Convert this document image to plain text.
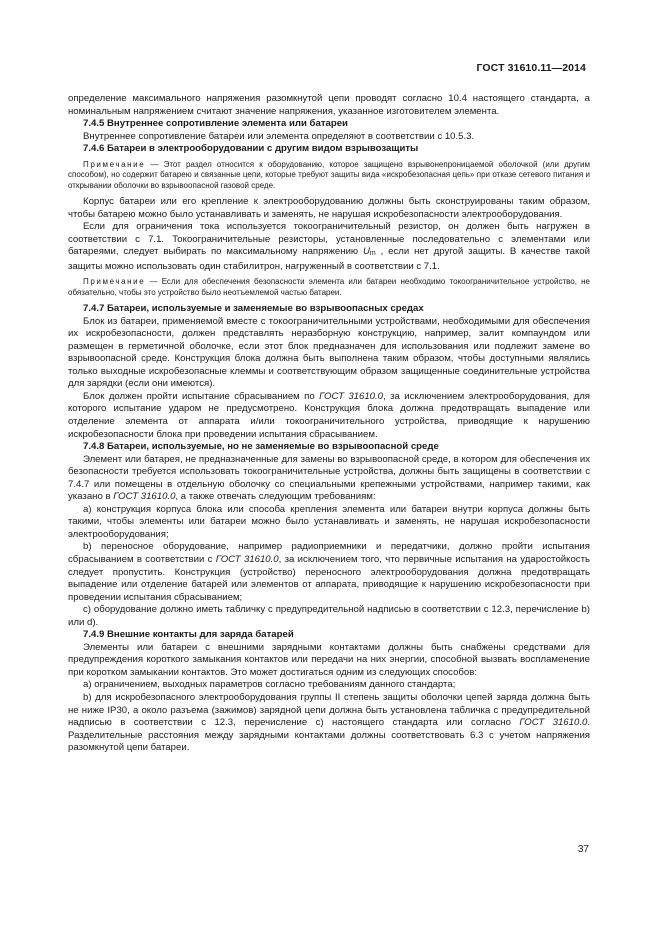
ГОСТ 31610.11—2014

определение максимального напряжения разомкнутой цепи проводят согласно 10.4 настоящего стандарта, а номинальным напряжением считают значение напряжения, указанное изготовителем элемента.

7.4.5 Внутреннее сопротивление элемента или батареи

Внутреннее сопротивление батареи или элемента определяют в соответствии с 10.5.3.

7.4.6 Батареи в электрооборудовании с другим видом взрывозащиты

Примечание — Этот раздел относится к оборудованию, которое защищено взрывонепроницаемой оболочкой (или другим способом), но содержит батарею и связанные цепи, которые требуют защиты вида «искробезопасная цепь» при отказе сетевого питания и открывании оболочки во взрывоопасной газовой среде.

Корпус батареи или его крепление к электрооборудованию должны быть сконструированы таким образом, чтобы батарею можно было устанавливать и заменять, не нарушая искробезопасности электрооборудования.

Если для ограничения тока используется токоограничительный резистор, он должен быть нагружен в соответствии с 7.1. Токоограничительные резисторы, установленные последовательно с элементами или батареями, следует выбирать по максимальному напряжению Um , если нет другой защиты. В качестве такой защиты можно использовать один стабилитрон, нагруженный в соответствии с 7.1.

Примечание — Если для обеспечения безопасности элемента или батареи необходимо токоограничительное устройство, не обязательно, чтобы это устройство было неотъемлемой частью батареи.

7.4.7 Батареи, используемые и заменяемые во взрывоопасных средах

Блок из батареи, применяемой вместе с токоограничительными устройствами, необходимыми для обеспечения их искробезопасности, должен представлять неразборную конструкцию, например, залит компаундом или размещен в герметичной оболочке, если этот блок предназначен для использования или подлежит замене во взрывоопасной среде. Конструкция блока должна быть выполнена таким образом, чтобы доступными являлись только выходные искробезопасные клеммы и соответствующим образом защищенные соединительные устройства для зарядки (если они имеются).

Блок должен пройти испытание сбрасыванием по ГОСТ 31610.0, за исключением электрооборудования, для которого испытание ударом не предусмотрено. Конструкция блока должна предотвращать выпадение или отделение элемента от аппарата и/или токоограничительного устройства, приводящие к нарушению искробезопасности блока при проведении испытания сбрасыванием.

7.4.8 Батареи, используемые, но не заменяемые во взрывоопасной среде

Элемент или батарея, не предназначенные для замены во взрывоопасной среде, в котором для обеспечения их безопасности требуется использовать токоограничительные устройства, должны быть защищены в соответствии с 7.4.7 или помещены в отдельную оболочку со специальными крепежными устройствами, например такими, как указано в ГОСТ 31610.0, а также отвечать следующим требованиям:

a) конструкция корпуса блока или способа крепления элемента или батареи внутри корпуса должны быть такими, чтобы элементы или батареи можно было устанавливать и заменять, не нарушая искробезопасности электрооборудования;

b) переносное оборудование, например радиоприемники и передатчики, должно пройти испытания сбрасыванием в соответствии с ГОСТ 31610.0, за исключением того, что первичные испытания на ударостойкость следует пропустить. Конструкция (устройство) переносного электрооборудования должна предотвращать выпадение или отделение батарей или элементов от аппарата, приводящие к нарушению искробезопасности при проведении испытания сбрасыванием;

c) оборудование должно иметь табличку с предупредительной надписью в соответствии с 12.3, перечисление b) или d).

7.4.9 Внешние контакты для заряда батарей

Элементы или батареи с внешними зарядными контактами должны быть снабжены средствами для предупреждения короткого замыкания контактов или передачи на них энергии, способной вызвать воспламенение при коротком замыкании контактов. Это может достигаться одним из следующих способов:

a) ограничением, выходных параметров согласно требованиям данного стандарта;

b) для искробезопасного электрооборудования группы II степень защиты оболочки цепей заряда должна быть не ниже IP30, а около разъема (зажимов) зарядной цепи должна быть установлена табличка с предупредительной надписью в соответствии с 12.3, перечисление c) настоящего стандарта или согласно ГОСТ 31610.0. Разделительные расстояния между зарядными контактами должны соответствовать 6.3 с учетом напряжения разомкнутой цепи батареи.

37
